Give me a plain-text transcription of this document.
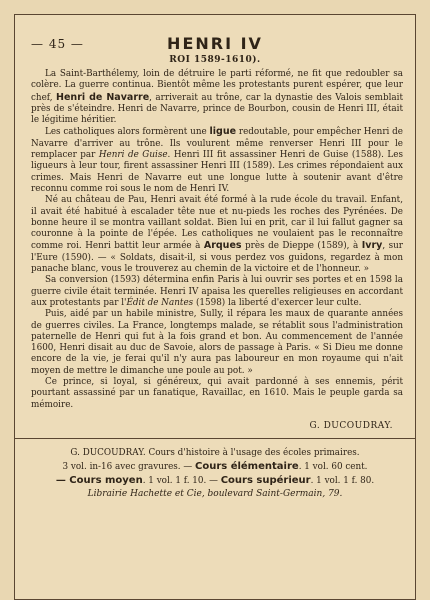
— 45 —	HENRI IV
ROI 1589-1610).

La Saint-Barthélemy, loin de détruire le parti réformé, ne fit que redoubler sa colère. La guerre continua. Bientôt même les protestants purent espérer, que leur chef, Henri de Navarre, arriverait au trône, car la dynastie des Valois semblait près de s'éteindre. Henri de Navarre, prince de Bourbon, cousin de Henri III, était le légitime héritier.

Les catholiques alors formèrent une ligue redoutable, pour empêcher Henri de Navarre d'arriver au trône. Ils voulurent même renverser Henri III pour le remplacer par Henri de Guise. Henri III fit assassiner Henri de Guise (1588). Les ligueurs à leur tour, firent assassiner Henri III (1589). Les crimes répondaient aux crimes. Mais Henri de Navarre eut une longue lutte à soutenir avant d'être reconnu comme roi sous le nom de Henri IV.

Né au château de Pau, Henri avait été formé à la rude école du travail. Enfant, il avait été habitué à escalader tête nue et nu-pieds les roches des Pyrénées. De bonne heure il se montra vaillant soldat. Bien lui en prit, car il lui fallut gagner sa couronne à la pointe de l'épée. Les catholiques ne voulaient pas le reconnaître comme roi. Henri battit leur armée à Arques près de Dieppe (1589), à Ivry, sur l'Eure (1590). — « Soldats, disait-il, si vous perdez vos guidons, regardez à mon panache blanc, vous le trouverez au chemin de la victoire et de l'honneur. »

Sa conversion (1593) détermina enfin Paris à lui ouvrir ses portes et en 1598 la guerre civile était terminée. Henri IV apaisa les querelles religieuses en accordant aux protestants par l'Édit de Nantes (1598) la liberté d'exercer leur culte.

Puis, aidé par un habile ministre, Sully, il répara les maux de quarante années de guerres civiles. La France, longtemps malade, se rétablit sous l'administration paternelle de Henri qui fut à la fois grand et bon. Au commencement de l'année 1600, Henri disait au duc de Savoie, alors de passage à Paris. « Si Dieu me donne encore de la vie, je ferai qu'il n'y aura pas laboureur en mon royaume qui n'ait moyen de mettre le dimanche une poule au pot. »

Ce prince, si loyal, si généreux, qui avait pardonné à ses ennemis, périt pourtant assassiné par un fanatique, Ravaillac, en 1610. Mais le peuple garda sa mémoire.

G. DUCOUDRAY.
G. DUCOUDRAY. Cours d'histoire à l'usage des écoles primaires.
3 vol. in-16 avec gravures. — Cours élémentaire. 1 vol. 60 cent.
— Cours moyen. 1 vol. 1 f. 10. — Cours supérieur. 1 vol. 1 f. 80.
Librairie Hachette et Cie, boulevard Saint-Germain, 79.
